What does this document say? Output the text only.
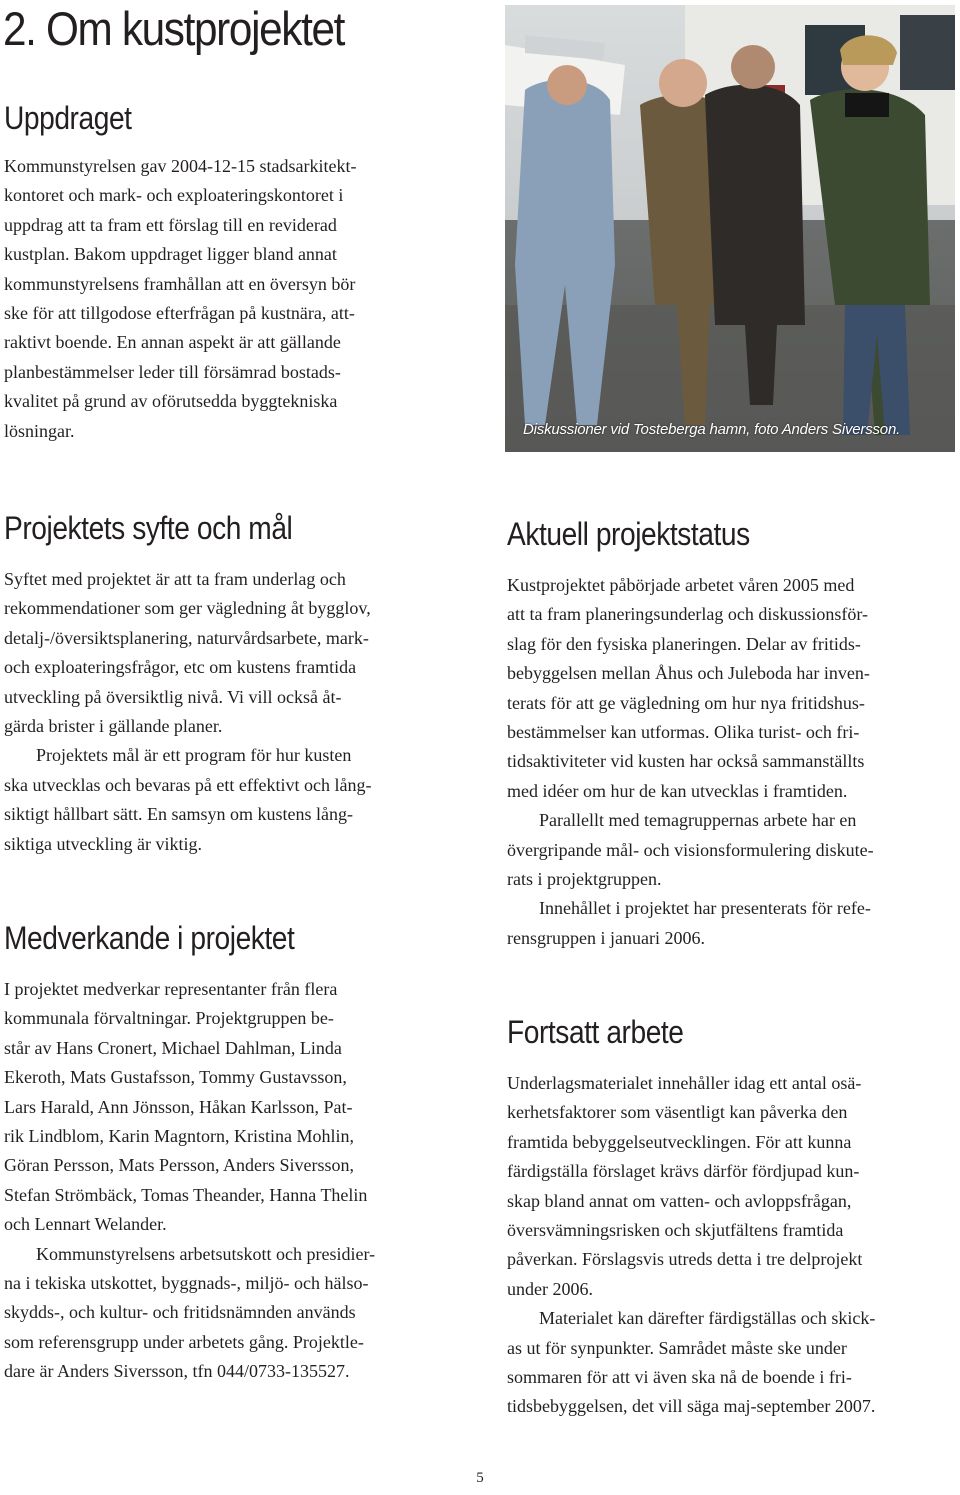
2. Om kustprojektet
Uppdraget

Kommunstyrelsen gav 2004-12-15 stadsarkitekt-

kontoret och mark- och exploateringskontoret i

uppdrag att ta fram ett förslag till en reviderad

kustplan. Bakom uppdraget ligger bland annat

kommunstyrelsens framhållan att en översyn bör

ske för att tillgodose efterfrågan på kustnära, att-

raktivt boende. En annan aspekt är att gällande

planbestämmelser leder till försämrad bostads-

kvalitet på grund av oförutsedda byggtekniska

lösningar.

Projektets syfte och mål

Syftet med projektet är att ta fram underlag och

rekommendationer som ger vägledning åt bygglov,

detalj-/översiktsplanering, naturvårdsarbete, mark-

och exploateringsfrågor, etc om kustens framtida

utveckling på översiktlig nivå. Vi vill också åt-

gärda brister i gällande planer.

Projektets mål är ett program för hur kusten

ska utvecklas och bevaras på ett effektivt och lång-

siktigt hållbart sätt. En samsyn om kustens lång-

siktiga utveckling är viktig.

Medverkande i projektet

I projektet medverkar representanter från flera

kommunala förvaltningar. Projektgruppen be-

står av Hans Cronert, Michael Dahlman, Linda

Ekeroth, Mats Gustafsson, Tommy Gustavsson,

Lars Harald, Ann Jönsson, Håkan Karlsson, Pat-

rik Lindblom, Karin Magntorn, Kristina Mohlin,

Göran Persson, Mats Persson, Anders Siversson,

Stefan Strömbäck, Tomas Theander, Hanna Thelin

och Lennart Welander.

Kommunstyrelsens arbetsutskott och presidier-

na i tekiska utskottet, byggnads-, miljö- och hälso-

skydds-, och kultur- och fritidsnämnden används

som referensgrupp under arbetets gång. Projektle-

dare är Anders Siversson, tfn 044/0733-135527.

Diskussioner vid Tosteberga hamn, foto Anders Siversson.
Aktuell projektstatus

Kustprojektet påbörjade arbetet våren 2005 med

att ta fram planeringsunderlag och diskussionsför-

slag för den fysiska planeringen. Delar av fritids-

bebyggelsen mellan Åhus och Juleboda har inven-

terats för att ge vägledning om hur nya fritidshus-

bestämmelser kan utformas. Olika turist- och fri-

tidsaktiviteter vid kusten har också sammanställts

med idéer om hur de kan utvecklas i framtiden.

Parallellt med temagruppernas arbete har en

övergripande mål- och visionsformulering diskute-

rats i projektgruppen.

Innehållet i projektet har presenterats för refe-

rensgruppen i januari 2006.

Fortsatt arbete

Underlagsmaterialet innehåller idag ett antal osä-

kerhetsfaktorer som väsentligt kan påverka den

framtida bebyggelseutvecklingen. För att kunna

färdigställa förslaget krävs därför fördjupad kun-

skap bland annat om vatten- och avloppsfrågan,

översvämningsrisken och skjutfältens framtida

påverkan. Förslagsvis utreds detta i tre delprojekt

under 2006.

Materialet kan därefter färdigställas och skick-

as ut för synpunkter. Samrådet måste ske under

sommaren för att vi även ska nå de boende i fri-

tidsbebyggelsen, det vill säga maj-september 2007.

5
